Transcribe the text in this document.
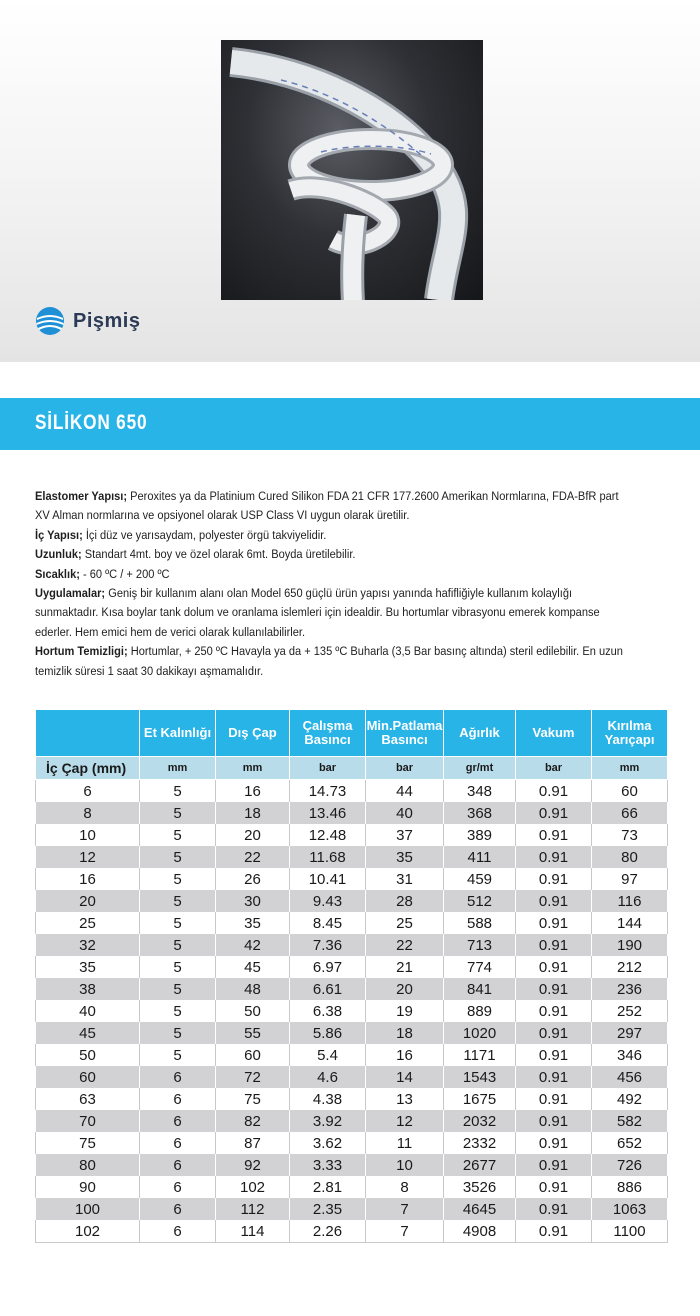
Pişmiş
SİLİKON 650

Elastomer Yapısı; Peroxites ya da Platinium Cured Silikon FDA 21 CFR 177.2600 Amerikan Normlarına, FDA-BfR part XV Alman normlarına ve opsiyonel olarak USP Class VI uygun olarak üretilir.

İç Yapısı; İçi düz ve yarısaydam, polyester örgü takviyelidir.

Uzunluk; Standart 4mt. boy ve özel olarak 6mt. Boyda üretilebilir.

Sıcaklık; - 60 ºC / + 200 ºC

Uygulamalar; Geniş bir kullanım alanı olan Model 650 güçlü ürün yapısı yanında hafifliğiyle kullanım kolaylığı sunmaktadır. Kısa boylar tank dolum ve oranlama islemleri için idealdir. Bu hortumlar vibrasyonu emerek kompanse ederler. Hem emici hem de verici olarak kullanılabilirler.

Hortum Temizligi; Hortumlar, + 250 ºC Havayla ya da + 135 ºC Buharla (3,5 Bar basınç altında) steril edilebilir. En uzun temizlik süresi 1 saat 30 dakikayı aşmamalıdır.

	Et Kalınlığı	Dış Çap	Çalışma Basıncı	Min.Patlama Basıncı	Ağırlık	Vakum	Kırılma Yarıçapı
İç Çap (mm)	mm	mm	bar	bar	gr/mt	bar	mm
6	5	16	14.73	44	348	0.91	60
8	5	18	13.46	40	368	0.91	66
10	5	20	12.48	37	389	0.91	73
12	5	22	11.68	35	411	0.91	80
16	5	26	10.41	31	459	0.91	97
20	5	30	9.43	28	512	0.91	116
25	5	35	8.45	25	588	0.91	144
32	5	42	7.36	22	713	0.91	190
35	5	45	6.97	21	774	0.91	212
38	5	48	6.61	20	841	0.91	236
40	5	50	6.38	19	889	0.91	252
45	5	55	5.86	18	1020	0.91	297
50	5	60	5.4	16	1171	0.91	346
60	6	72	4.6	14	1543	0.91	456
63	6	75	4.38	13	1675	0.91	492
70	6	82	3.92	12	2032	0.91	582
75	6	87	3.62	11	2332	0.91	652
80	6	92	3.33	10	2677	0.91	726
90	6	102	2.81	8	3526	0.91	886
100	6	112	2.35	7	4645	0.91	1063
102	6	114	2.26	7	4908	0.91	1100
